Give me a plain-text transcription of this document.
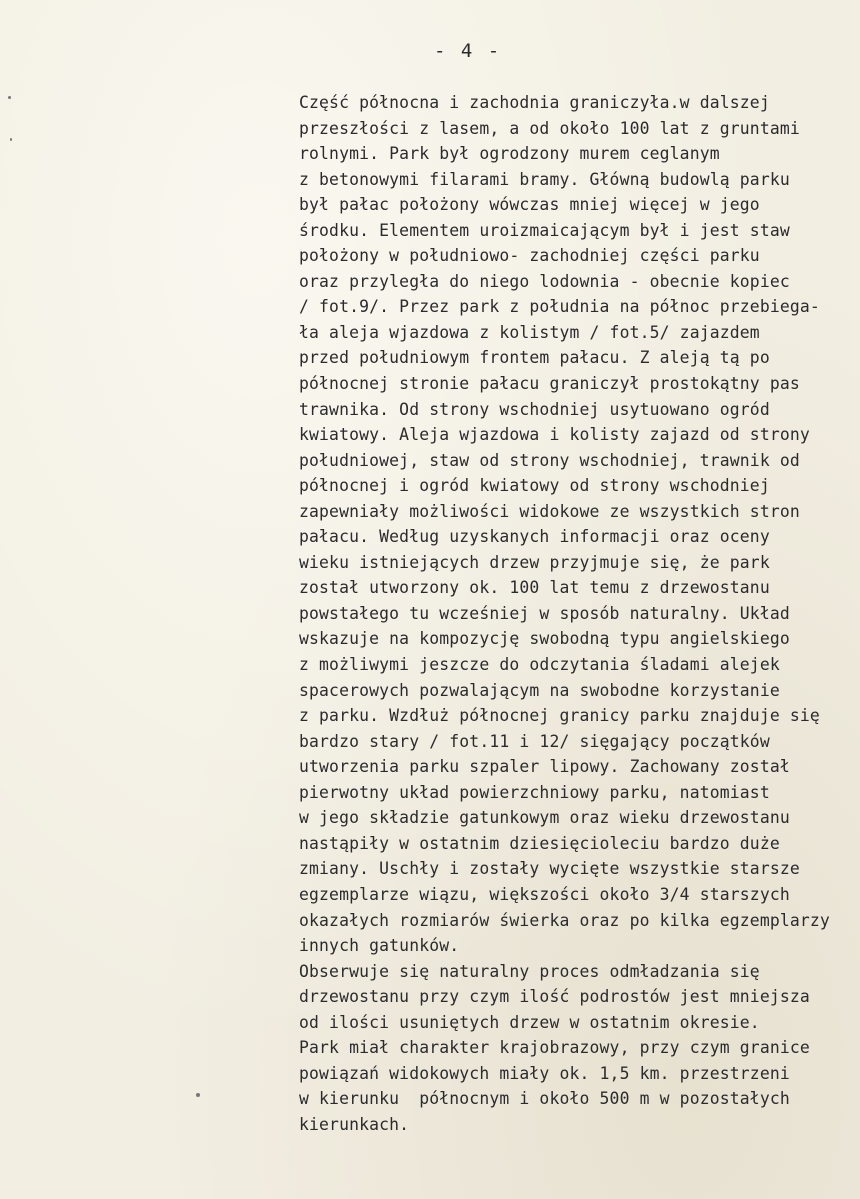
- 4 -
Część północna i zachodnia graniczyła.w dalszej
przeszłości z lasem, a od około 100 lat z gruntami
rolnymi. Park był ogrodzony murem ceglanym
z betonowymi filarami bramy. Główną budowlą parku
był pałac położony wówczas mniej więcej w jego
środku. Elementem uroizmaicającym był i jest staw
położony w południowo- zachodniej części parku
oraz przyległa do niego lodownia - obecnie kopiec
/ fot.9/. Przez park z południa na północ przebiega-
ła aleja wjazdowa z kolistym / fot.5/ zajazdem
przed południowym frontem pałacu. Z aleją tą po
północnej stronie pałacu graniczył prostokątny pas
trawnika. Od strony wschodniej usytuowano ogród
kwiatowy. Aleja wjazdowa i kolisty zajazd od strony
południowej, staw od strony wschodniej, trawnik od
północnej i ogród kwiatowy od strony wschodniej
zapewniały możliwości widokowe ze wszystkich stron
pałacu. Według uzyskanych informacji oraz oceny
wieku istniejących drzew przyjmuje się, że park
został utworzony ok. 100 lat temu z drzewostanu
powstałego tu wcześniej w sposób naturalny. Układ
wskazuje na kompozycję swobodną typu angielskiego
z możliwymi jeszcze do odczytania śladami alejek
spacerowych pozwalającym na swobodne korzystanie
z parku. Wzdłuż północnej granicy parku znajduje się
bardzo stary / fot.11 i 12/ sięgający początków
utworzenia parku szpaler lipowy. Zachowany został
pierwotny układ powierzchniowy parku, natomiast
w jego składzie gatunkowym oraz wieku drzewostanu
nastąpiły w ostatnim dziesięcioleciu bardzo duże
zmiany. Uschły i zostały wycięte wszystkie starsze
egzemplarze wiązu, większości około 3/4 starszych
okazałych rozmiarów świerka oraz po kilka egzemplarzy
innych gatunków.
Obserwuje się naturalny proces odmładzania się
drzewostanu przy czym ilość podrostów jest mniejsza
od ilości usuniętych drzew w ostatnim okresie.
Park miał charakter krajobrazowy, przy czym granice
powiązań widokowych miały ok. 1,5 km. przestrzeni
w kierunku  północnym i około 500 m w pozostałych
kierunkach.
